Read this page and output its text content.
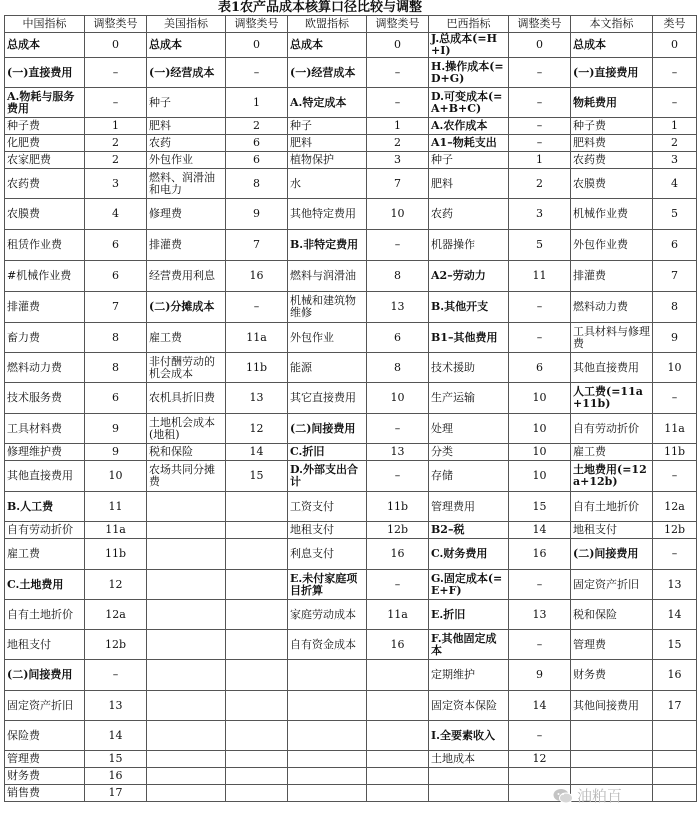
表1农产品成本核算口径比较与调整
中国指标	调整类号	美国指标	调整类号	欧盟指标	调整类号	巴西指标	调整类号	本文指标	类号
总成本	0	总成本	0	总成本	0	J.总成本(=H+I)	0	总成本	0
(一)直接费用	–	(一)经营成本	–	(一)经营成本	–	H.操作成本(=D+G)	–	(一)直接费用	–
A.物耗与服务费用	–	种子	1	A.特定成本	–	D.可变成本(=A+B+C)	–	物耗费用	–
种子费	1	肥料	2	种子	1	A.农作成本	–	种子费	1
化肥费	2	农药	6	肥料	2	A1–物耗支出	–	肥料费	2
农家肥费	2	外包作业	6	植物保护	3	种子	1	农药费	3
农药费	3	燃料、润滑油和电力	8	水	7	肥料	2	农膜费	4
农膜费	4	修理费	9	其他特定费用	10	农药	3	机械作业费	5
租赁作业费	6	排灌费	7	B.非特定费用	–	机器操作	5	外包作业费	6
#机械作业费	6	经营费用利息	16	燃料与润滑油	8	A2–劳动力	11	排灌费	7
排灌费	7	(二)分摊成本	–	机械和建筑物维修	13	B.其他开支	–	燃料动力费	8
畜力费	8	雇工费	11a	外包作业	6	B1–其他费用	–	工具材料与修理费	9
燃料动力费	8	非付酬劳动的机会成本	11b	能源	8	技术援助	6	其他直接费用	10
技术服务费	6	农机具折旧费	13	其它直接费用	10	生产运输	10	人工费(=11a+11b)	–
工具材料费	9	土地机会成本(地租)	12	(二)间接费用	–	处理	10	自有劳动折价	11a
修理维护费	9	税和保险	14	C.折旧	13	分类	10	雇工费	11b
其他直接费用	10	农场共同分摊费	15	D.外部支出合计	–	存储	10	土地费用(=12a+12b)	–
B.人工费	11			工资支付	11b	管理费用	15	自有土地折价	12a
自有劳动折价	11a			地租支付	12b	B2–税	14	地租支付	12b
雇工费	11b			利息支付	16	C.财务费用	16	(二)间接费用	–
C.土地费用	12			E.未付家庭项目折算	–	G.固定成本(=E+F)	–	固定资产折旧	13
自有土地折价	12a			家庭劳动成本	11a	E.折旧	13	税和保险	14
地租支付	12b			自有资金成本	16	F.其他固定成本	–	管理费	15
(二)间接费用	–					定期维护	9	财务费	16
固定资产折旧	13					固定资本保险	14	其他间接费用	17
保险费	14					I.全要素收入	–		
管理费	15					土地成本	12		
财务费	16								
销售费	17									油粕百
